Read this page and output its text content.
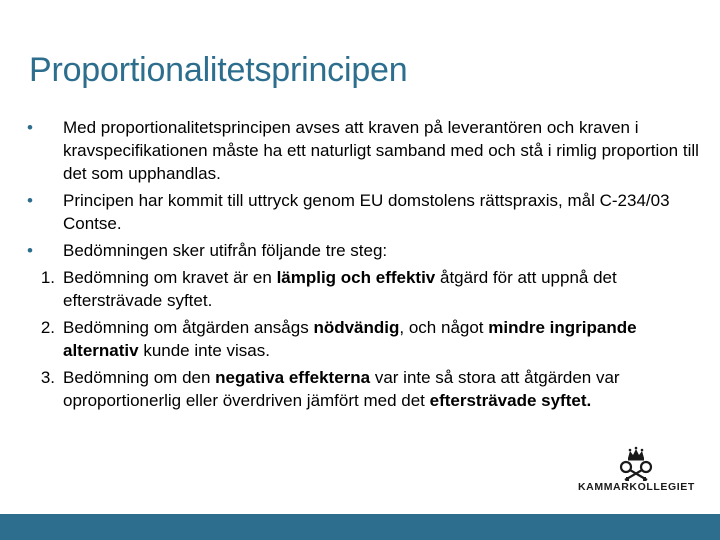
Proportionalitetsprincipen
•	Med proportionalitetsprincipen avses att kraven på leverantören och kraven i kravspecifikationen måste ha ett naturligt samband med och stå i rimlig proportion till det som upphandlas.
•	Principen har kommit till uttryck genom EU domstolens rättspraxis, mål C-234/03 Contse.
•	Bedömningen sker utifrån följande tre steg:
1. Bedömning om kravet är en lämplig och effektiv åtgärd för att uppnå det eftersträvade syftet.
2. Bedömning om åtgärden ansågs nödvändig, och något mindre ingripande alternativ kunde inte visas.
3. Bedömning om den negativa effekterna var inte så stora att åtgärden var oproportionerlig eller överdriven jämfört med det eftersträvade syftet.
KAMMARKOLLEGIET
